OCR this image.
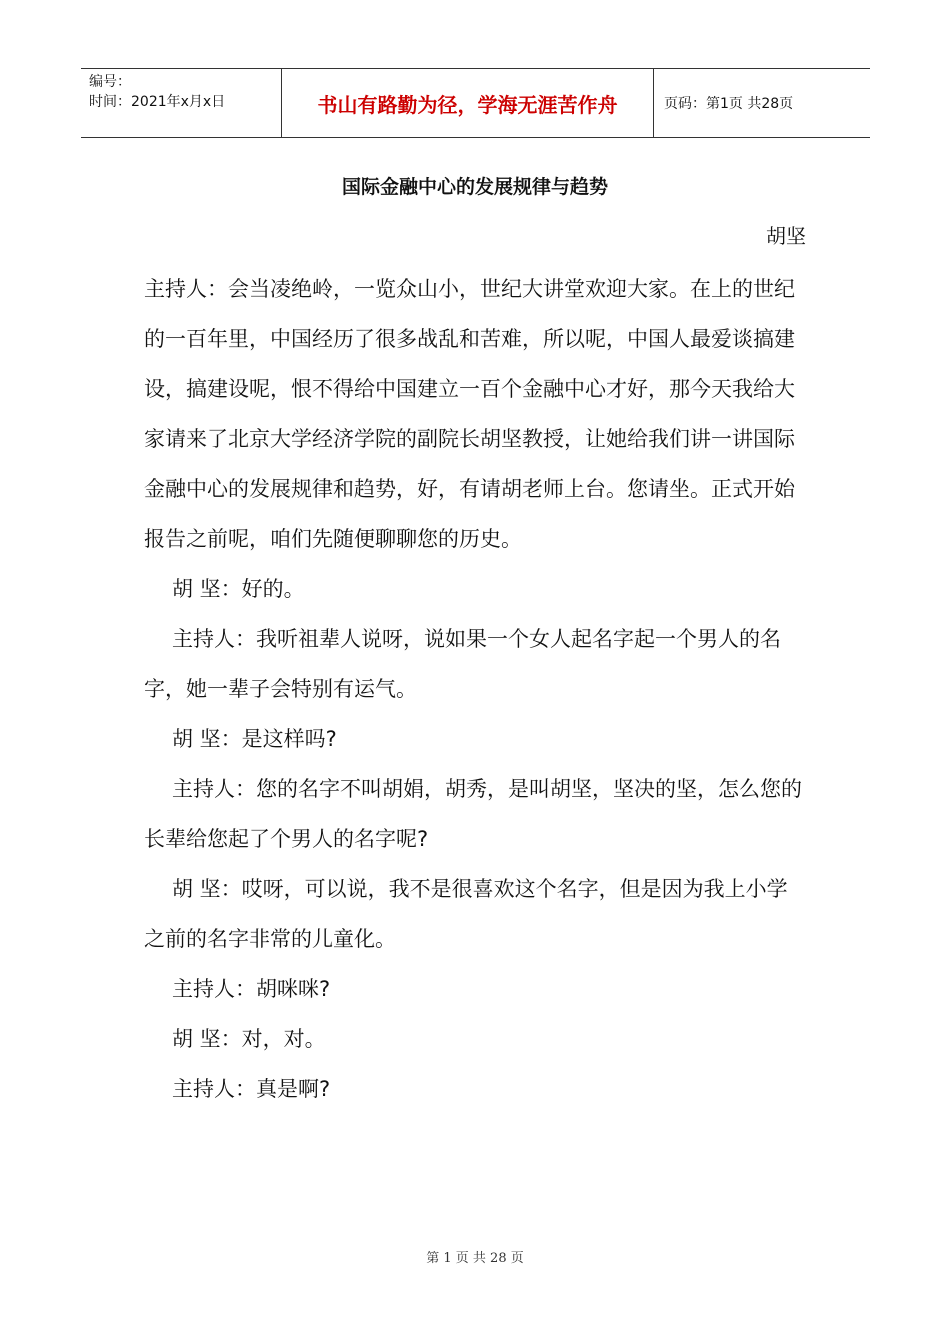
编号：
时间：2021年x月x日	书山有路勤为径，学海无涯苦作舟	页码：第1页 共28页
国际金融中心的发展规律与趋势
胡坚

主持人：会当凌绝岭，一览众山小，世纪大讲堂欢迎大家。在上的世纪的一百年里，中国经历了很多战乱和苦难，所以呢，中国人最爱谈搞建设，搞建设呢，恨不得给中国建立一百个金融中心才好，那今天我给大家请来了北京大学经济学院的副院长胡坚教授，让她给我们讲一讲国际金融中心的发展规律和趋势，好，有请胡老师上台。您请坐。正式开始报告之前呢，咱们先随便聊聊您的历史。

胡 坚：好的。

主持人：我听祖辈人说呀，说如果一个女人起名字起一个男人的名字，她一辈子会特别有运气。

胡 坚：是这样吗?

主持人：您的名字不叫胡娟，胡秀，是叫胡坚，坚决的坚，怎么您的长辈给您起了个男人的名字呢?

胡 坚：哎呀，可以说，我不是很喜欢这个名字，但是因为我上小学之前的名字非常的儿童化。

主持人：胡咪咪?

胡 坚：对，对。

主持人：真是啊?

第 1 页 共 28 页
